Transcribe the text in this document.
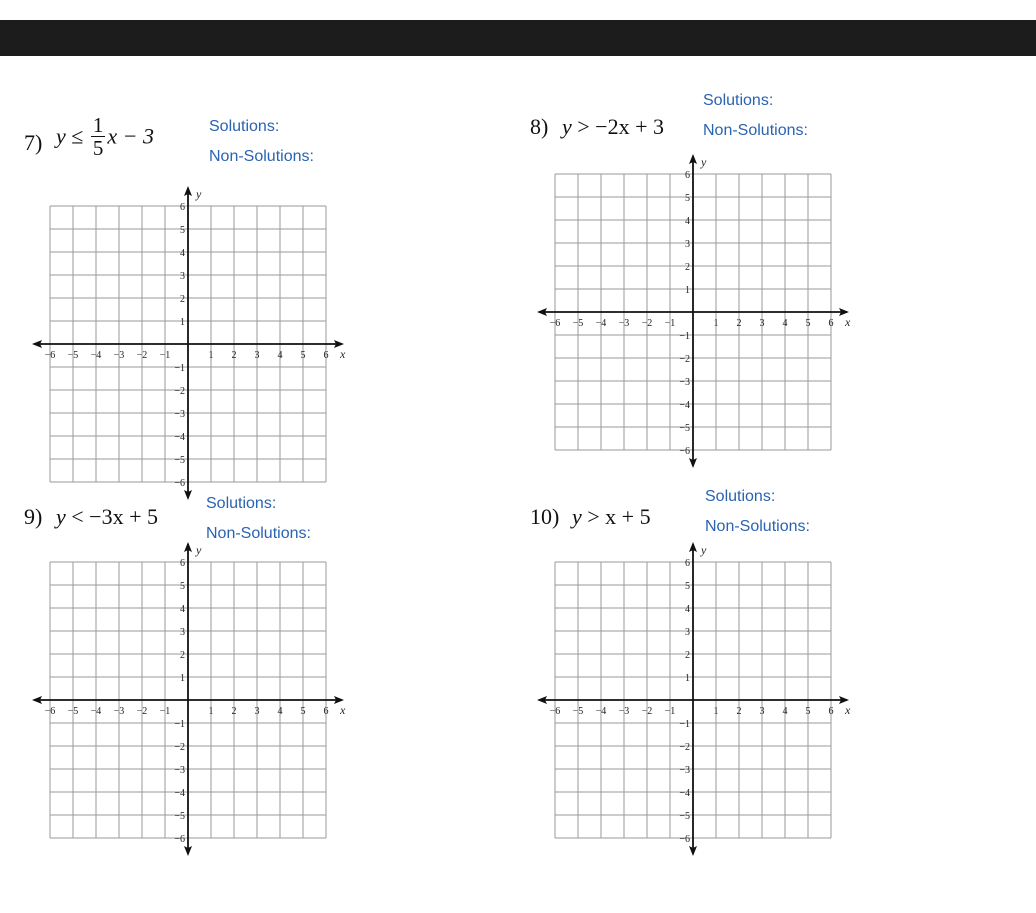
7) $y \le \frac{1}{5}$ x − 3	Solutions:
Non-Solutions:
−6 −5 −4 −3 −2 −1	1 2 3 4 5 6
6
5
4
3
2
1
−1
−2
−3
−4
−5
−6
x
y
8) y > −2x + 3
Solutions:
Non-Solutions:
−6 −5 −4 −3 −2 −1	1 2 3 4 5 6
6
5
4
3
2
1
−1
−2
−3
−4
−5
−6
x
y
9) y < −3x + 5
Solutions:
Non-Solutions:
−6 −5 −4 −3 −2 −1	1 2 3 4 5 6
6
5
4
3
2
1
−1
−2
−3
−4
−5
−6
x
y
10) y > x + 5
Solutions:
Non-Solutions:
−6 −5 −4 −3 −2 −1	1 2 3 4 5 6
6
5
4
3
2
1
−1
−2
−3
−4
−5
−6
x
y
